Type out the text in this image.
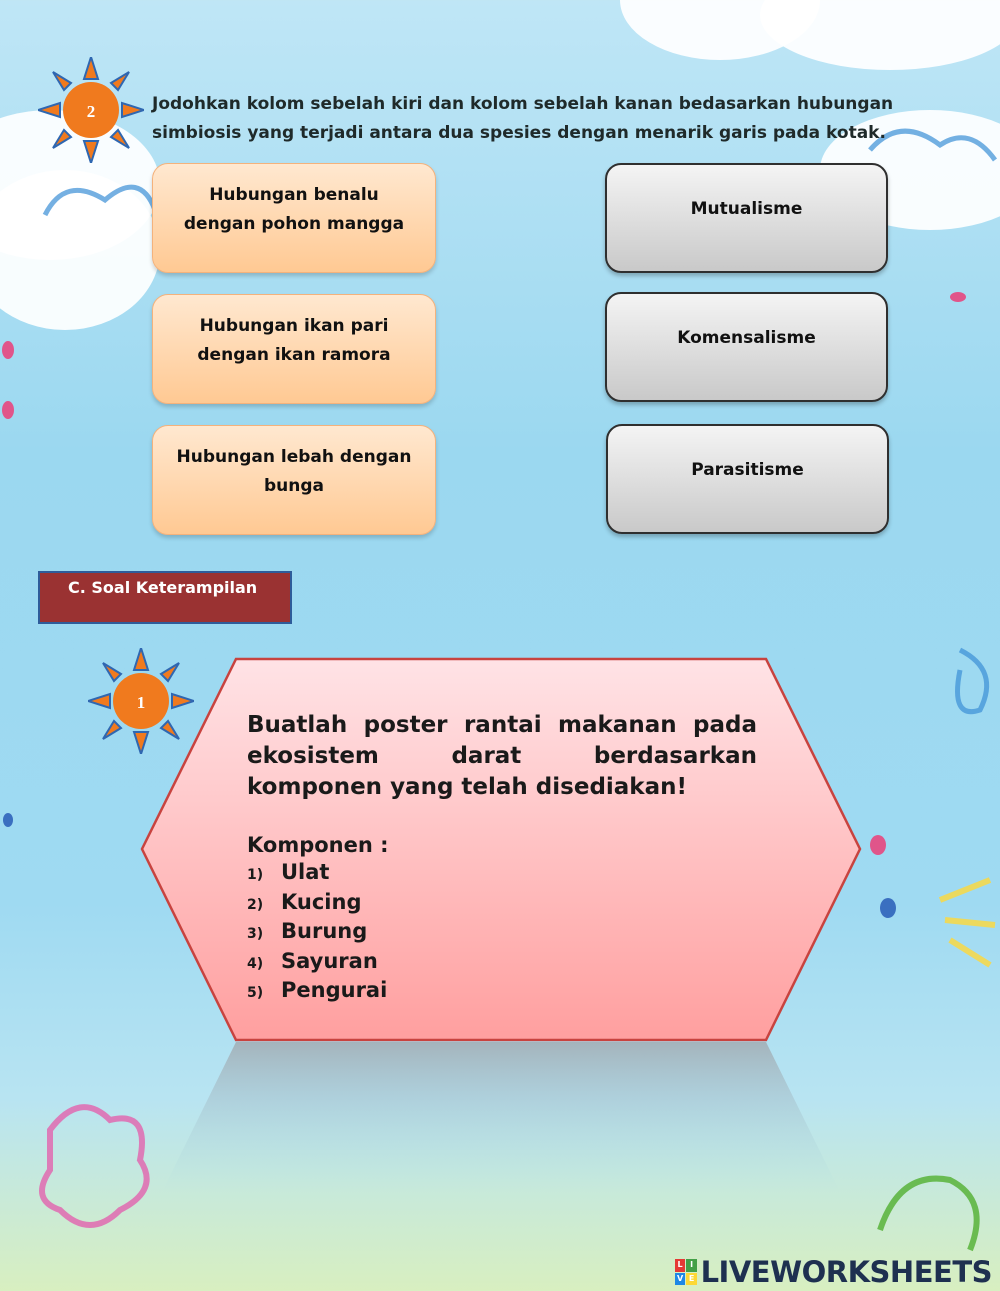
2	Jodohkan kolom sebelah kiri dan kolom sebelah kanan bedasarkan hubungan simbiosis yang terjadi antara dua spesies dengan menarik garis pada kotak.
Hubungan benalu dengan pohon mangga
Hubungan ikan pari dengan ikan ramora
Hubungan lebah dengan bunga
Mutualisme
Komensalisme
Parasitisme
C. Soal Keterampilan
1

Buatlah poster rantai makanan pada ekosistem darat berdasarkan komponen yang telah disediakan!

Komponen :
1) Ulat
2) Kucing
3) Burung
4) Sayuran
5) Pengurai
L I
V E LIVEWORKSHEETS
